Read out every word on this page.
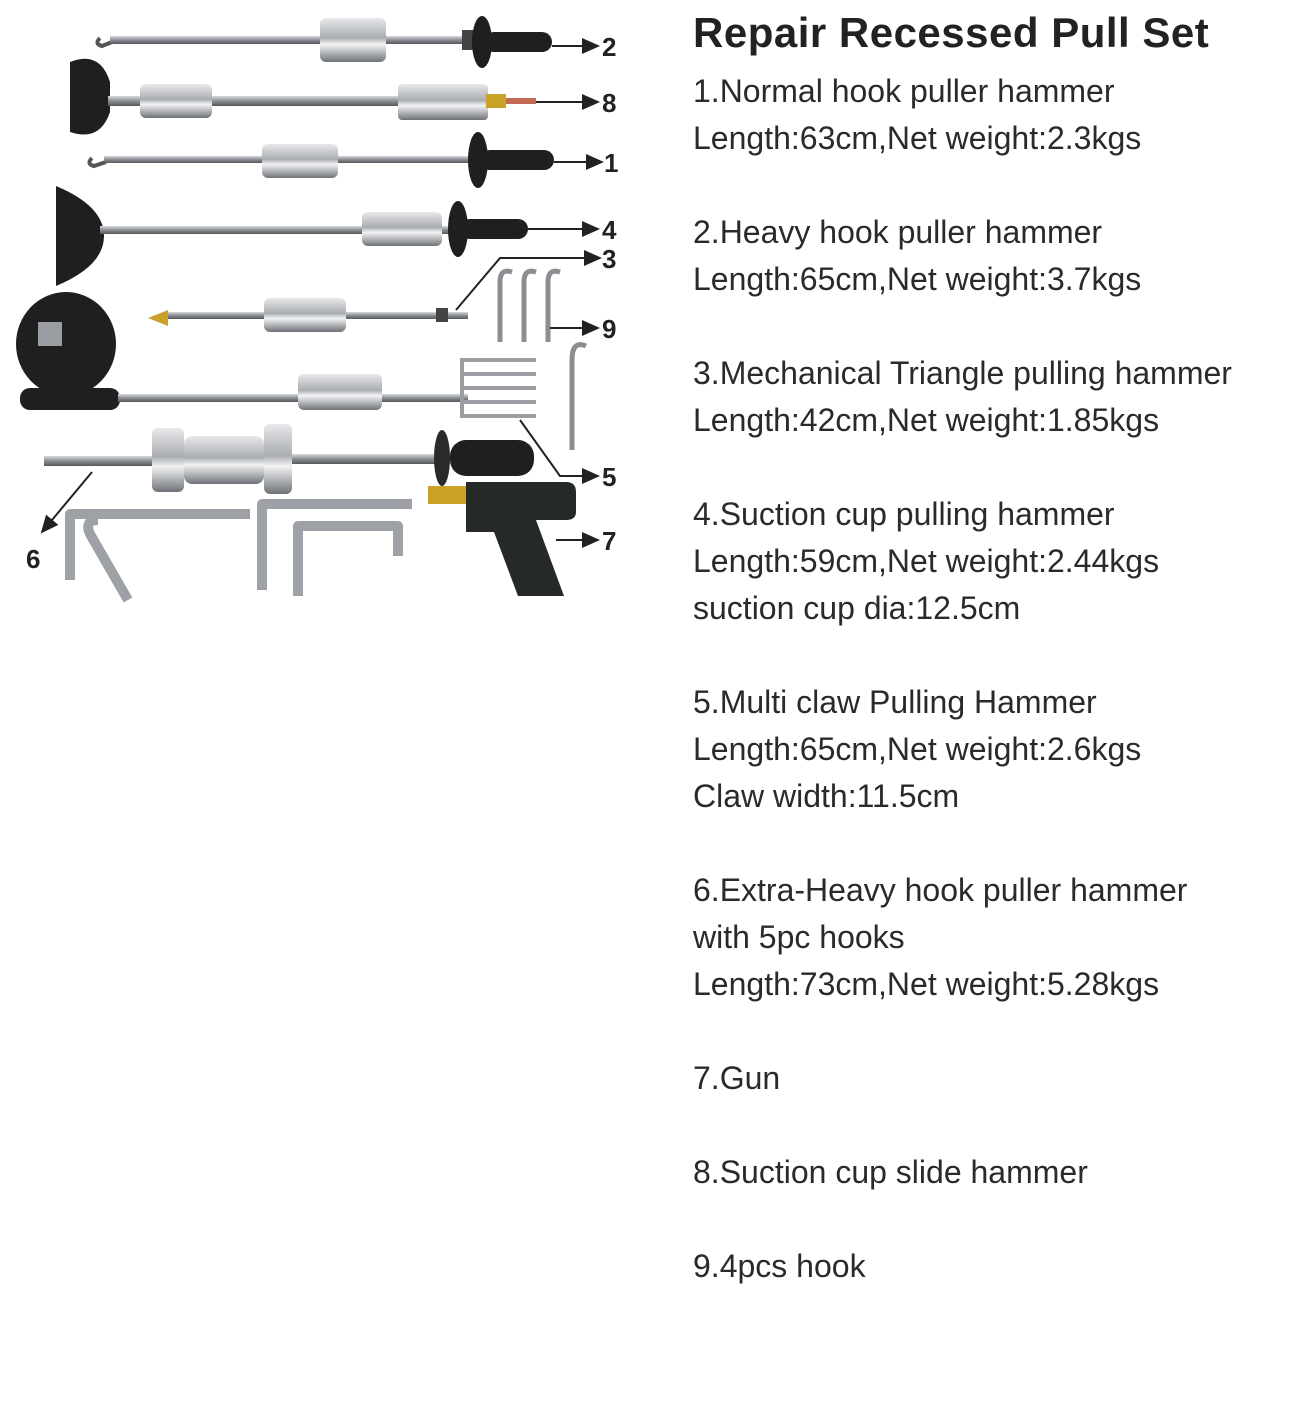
2
8
1
4
3
9
5
7
6
Repair Recessed Pull Set
1.Normal hook puller hammer
Length:63cm,Net weight:2.3kgs
2.Heavy hook puller hammer
Length:65cm,Net weight:3.7kgs
3.Mechanical Triangle pulling hammer
Length:42cm,Net weight:1.85kgs
4.Suction cup pulling hammer
Length:59cm,Net weight:2.44kgs
suction cup dia:12.5cm
5.Multi claw Pulling Hammer
Length:65cm,Net weight:2.6kgs
Claw width:11.5cm
6.Extra-Heavy hook puller hammer
with 5pc hooks
Length:73cm,Net weight:5.28kgs
7.Gun
8.Suction cup slide hammer
9.4pcs hook
